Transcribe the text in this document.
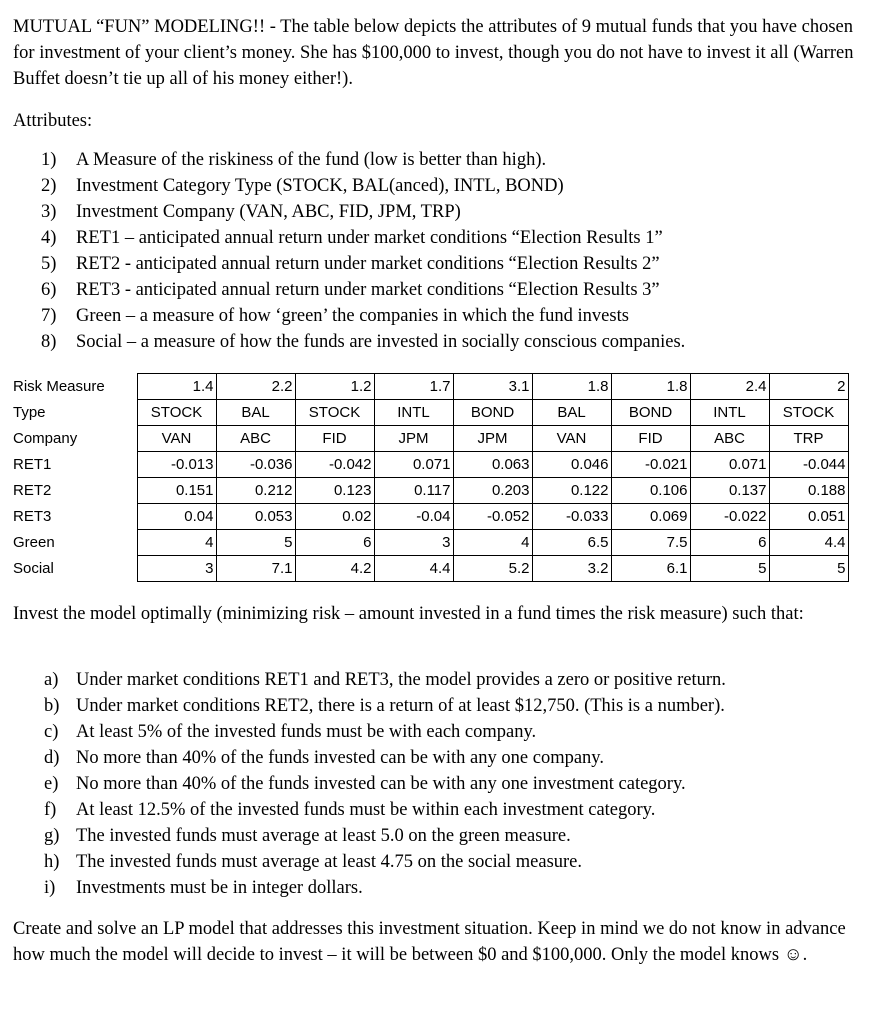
MUTUAL “FUN” MODELING!! - The table below depicts the attributes of 9 mutual funds that you have chosen for investment of your client’s money. She has $100,000 to invest, though you do not have to invest it all (Warren Buffet doesn’t tie up all of his money either!).

Attributes:

1)	A Measure of the riskiness of the fund (low is better than high).
2)	Investment Category Type (STOCK, BAL(anced), INTL, BOND)
3)	Investment Company (VAN, ABC, FID, JPM, TRP)
4)	RET1 – anticipated annual return under market conditions “Election Results 1”
5)	RET2 - anticipated annual return under market conditions “Election Results 2”
6)	RET3 - anticipated annual return under market conditions “Election Results 3”
7)	Green – a measure of how ‘green’ the companies in which the fund invests
8)	Social – a measure of how the funds are invested in socially conscious companies.
Risk Measure	1.4	2.2	1.2	1.7	3.1	1.8	1.8	2.4	2
Type	STOCK	BAL	STOCK	INTL	BOND	BAL	BOND	INTL	STOCK
Company	VAN	ABC	FID	JPM	JPM	VAN	FID	ABC	TRP
RET1	-0.013	-0.036	-0.042	0.071	0.063	0.046	-0.021	0.071	-0.044
RET2	0.151	0.212	0.123	0.117	0.203	0.122	0.106	0.137	0.188
RET3	0.04	0.053	0.02	-0.04	-0.052	-0.033	0.069	-0.022	0.051
Green	4	5	6	3	4	6.5	7.5	6	4.4
Social	3	7.1	4.2	4.4	5.2	3.2	6.1	5	5

Invest the model optimally (minimizing risk – amount invested in a fund times the risk measure) such that:

a) Under market conditions RET1 and RET3, the model provides a zero or positive return.
b) Under market conditions RET2, there is a return of at least $12,750. (This is a number).
c) At least 5% of the invested funds must be with each company.
d) No more than 40% of the funds invested can be with any one company.
e) No more than 40% of the funds invested can be with any one investment category.
f)	At least 12.5% of the invested funds must be within each investment category.
g) The invested funds must average at least 5.0 on the green measure.
h) The invested funds must average at least 4.75 on the social measure.
i)	Investments must be in integer dollars.

Create and solve an LP model that addresses this investment situation. Keep in mind we do not know in advance how much the model will decide to invest – it will be between $0 and $100,000. Only the model knows ☺.
